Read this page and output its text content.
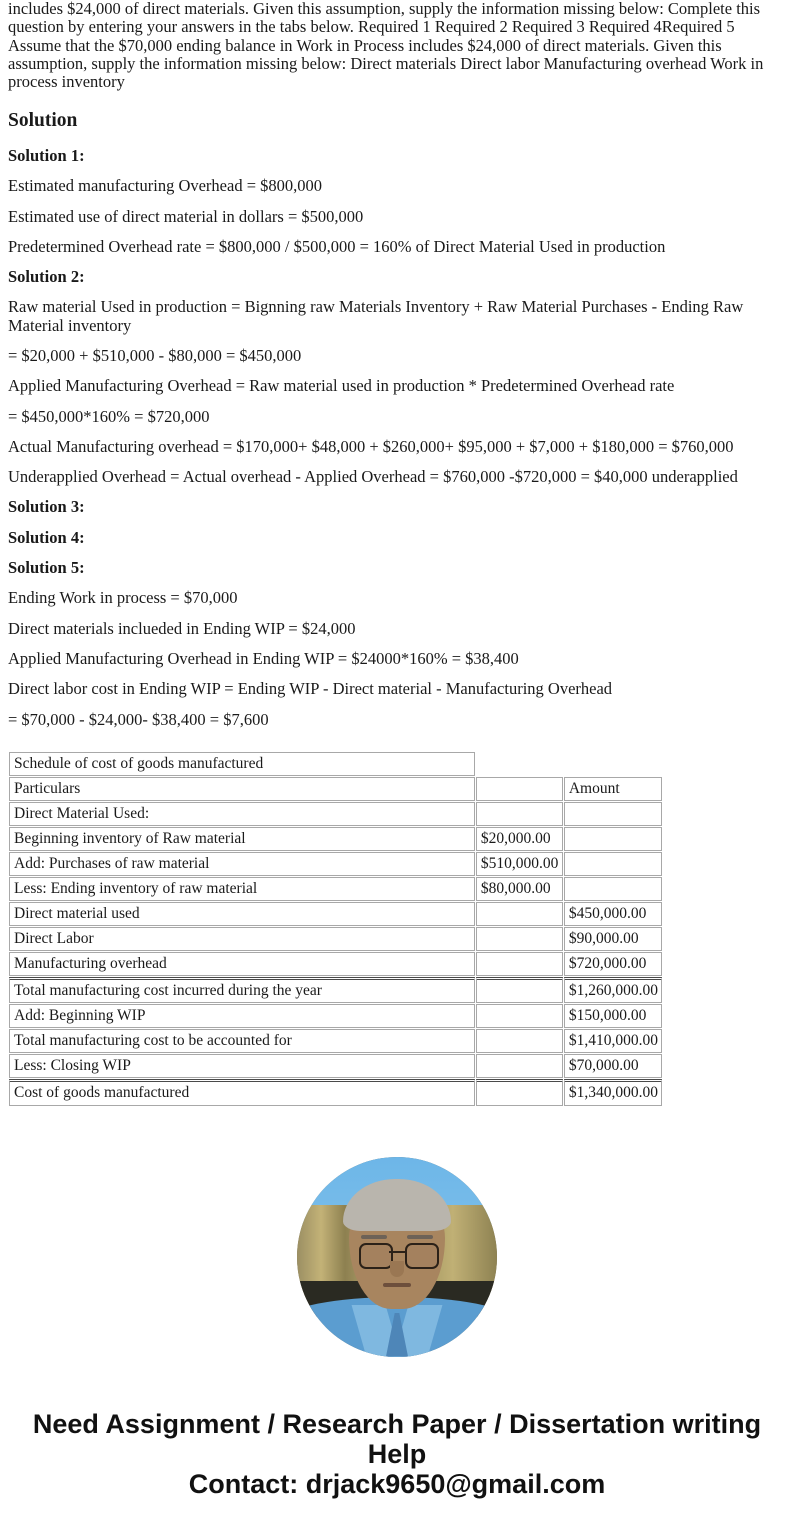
includes $24,000 of direct materials. Given this assumption, supply the information missing below: Complete this question by entering your answers in the tabs below. Required 1 Required 2 Required 3 Required 4Required 5 Assume that the $70,000 ending balance in Work in Process includes $24,000 of direct materials. Given this assumption, supply the information missing below: Direct materials Direct labor Manufacturing overhead Work in process inventory
Solution

Solution 1:

Estimated manufacturing Overhead = $800,000

Estimated use of direct material in dollars = $500,000

Predetermined Overhead rate = $800,000 / $500,000 = 160% of Direct Material Used in production

Solution 2:

Raw material Used in production = Bignning raw Materials Inventory + Raw Material Purchases - Ending Raw Material inventory

= $20,000 + $510,000 - $80,000 = $450,000

Applied Manufacturing Overhead = Raw material used in production * Predetermined Overhead rate

= $450,000*160% = $720,000

Actual Manufacturing overhead = $170,000+ $48,000 + $260,000+ $95,000 + $7,000 + $180,000 = $760,000

Underapplied Overhead = Actual overhead - Applied Overhead = $760,000 -$720,000 = $40,000 underapplied

Solution 3:

Solution 4:

Solution 5:

Ending Work in process = $70,000

Direct materials inclueded in Ending WIP = $24,000

Applied Manufacturing Overhead in Ending WIP = $24000*160% = $38,400

Direct labor cost in Ending WIP = Ending WIP - Direct material - Manufacturing Overhead

= $70,000 - $24,000- $38,400 = $7,600

Schedule of cost of goods manufactured		
Particulars		Amount
Direct Material Used:		
Beginning inventory of Raw material	$20,000.00	
Add: Purchases of raw material	$510,000.00	
Less: Ending inventory of raw material	$80,000.00	
Direct material used		$450,000.00
Direct Labor		$90,000.00
Manufacturing overhead		$720,000.00
Total manufacturing cost incurred during the year		$1,260,000.00
Add: Beginning WIP		$150,000.00
Total manufacturing cost to be accounted for		$1,410,000.00
Less: Closing WIP		$70,000.00
Cost of goods manufactured		$1,340,000.00
Need Assignment / Research Paper / Dissertation writing Help
Contact: drjack9650@gmail.com
